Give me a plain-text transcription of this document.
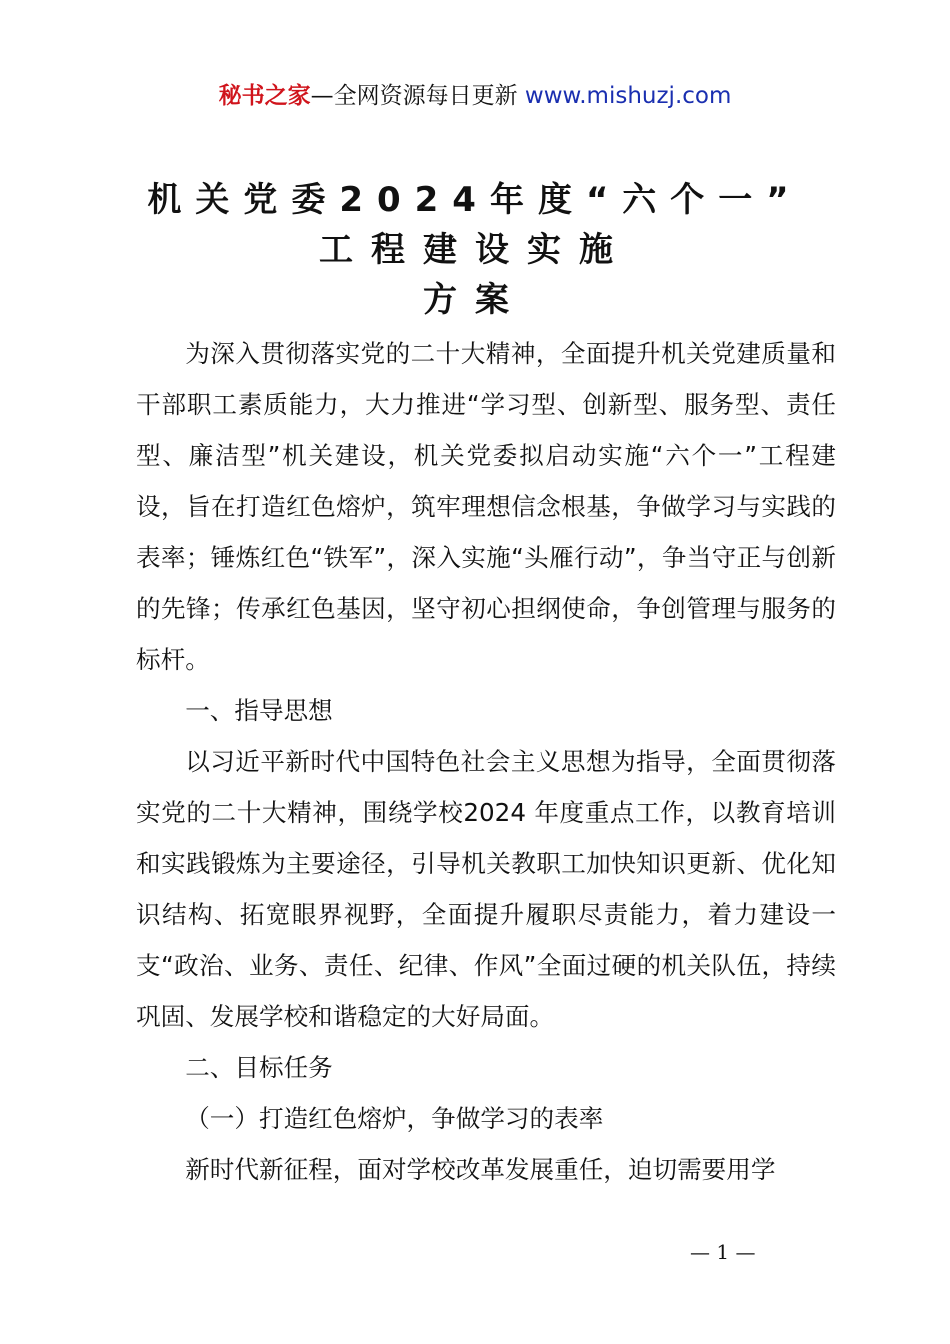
秘书之家—全网资源每日更新 www.mishuzj.com
机关党委2024年度“六个一”
工程建设实施
方案

为深入贯彻落实党的二十大精神，全面提升机关党建质量和干部职工素质能力，大力推进“学习型、创新型、服务型、责任型、廉洁型”机关建设，机关党委拟启动实施“六个一”工程建设，旨在打造红色熔炉，筑牢理想信念根基，争做学习与实践的表率；锤炼红色“铁军”，深入实施“头雁行动”，争当守正与创新的先锋；传承红色基因，坚守初心担纲使命，争创管理与服务的标杆。

一、指导思想

以习近平新时代中国特色社会主义思想为指导，全面贯彻落实党的二十大精神，围绕学校2024 年度重点工作，以教育培训和实践锻炼为主要途径，引导机关教职工加快知识更新、优化知识结构、拓宽眼界视野，全面提升履职尽责能力，着力建设一支“政治、业务、责任、纪律、作风”全面过硬的机关队伍，持续巩固、发展学校和谐稳定的大好局面。

二、目标任务

（一）打造红色熔炉，争做学习的表率

新时代新征程，面对学校改革发展重任，迫切需要用学

— 1 —
